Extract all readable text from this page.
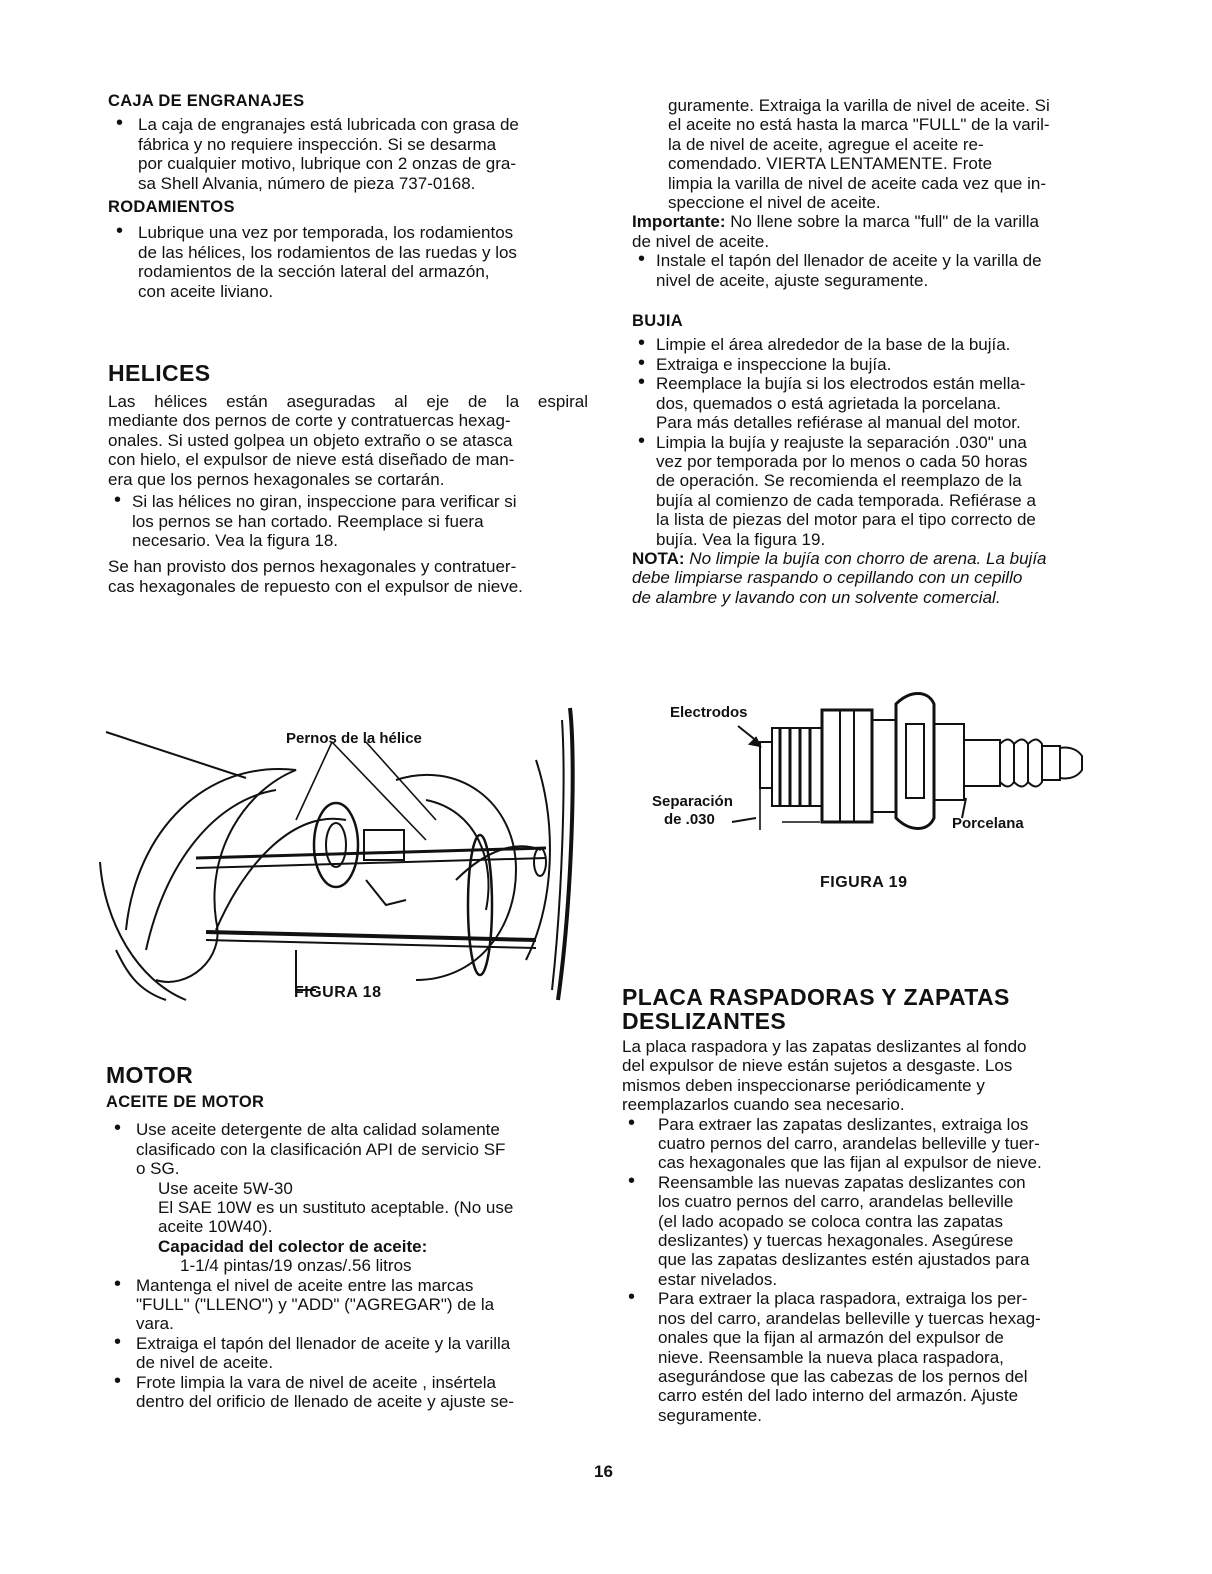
CAJA DE ENGRANAJES
• La caja de engranajes está lubricada con grasa de
fábrica y no requiere inspección. Si se desarma
por cualquier motivo, lubrique con 2 onzas de gra-
sa Shell Alvania, número de pieza 737-0168.
RODAMIENTOS
• Lubrique una vez por temporada, los rodamientos
de las hélices, los rodamientos de las ruedas y los
rodamientos de la sección lateral del armazón,
con aceite liviano.
HELICES

Las hélices están aseguradas al eje de la espiral
mediante dos pernos de corte y contratuercas hexag-
onales. Si usted golpea un objeto extraño o se atasca
con hielo, el expulsor de nieve está diseñado de man-
era que los pernos hexagonales se cortarán.

• Si las hélices no giran, inspeccione para verificar si
los pernos se han cortado. Reemplace si fuera
necesario. Vea la figura 18.

Se han provisto dos pernos hexagonales y contratuer-
cas hexagonales de repuesto con el expulsor de nieve.

Pernos de la hélice
FIGURA 18
MOTOR
ACEITE DE MOTOR
• Use aceite detergente de alta calidad solamente
clasificado con la clasificación API de servicio SF
o SG.
Use aceite 5W-30
El SAE 10W es un sustituto aceptable. (No use
aceite 10W40).
Capacidad del colector de aceite:
1-1/4 pintas/19 onzas/.56 litros
• Mantenga el nivel de aceite entre las marcas
"FULL" ("LLENO") y "ADD" ("AGREGAR") de la
vara.
• Extraiga el tapón del llenador de aceite y la varilla
de nivel de aceite.
• Frote limpia la vara de nivel de aceite , insértela
dentro del orificio de llenado de aceite y ajuste se-
guramente. Extraiga la varilla de nivel de aceite. Si
el aceite no está hasta la marca "FULL" de la varil-
la de nivel de aceite, agregue el aceite re-
comendado. VIERTA LENTAMENTE. Frote
limpia la varilla de nivel de aceite cada vez que in-
speccione el nivel de aceite.

Importante: No llene sobre la marca "full" de la varilla

de nivel de aceite.

• Instale el tapón del llenador de aceite y la varilla de
nivel de aceite, ajuste seguramente.
BUJIA
• Limpie el área alrededor de la base de la bujía.
• Extraiga e inspeccione la bujía.
• Reemplace la bujía si los electrodos están mella-
dos, quemados o está agrietada la porcelana.
Para más detalles refiérase al manual del motor.
• Limpia la bujía y reajuste la separación .030" una
vez por temporada por lo menos o cada 50 horas
de operación. Se recomienda el reemplazo de la
bujía al comienzo de cada temporada. Refiérase a
la lista de piezas del motor para el tipo correcto de
bujía. Vea la figura 19.

NOTA: No limpie la bujía con chorro de arena. La bujía

debe limpiarse raspando o cepillando con un cepillo

de alambre y lavando con un solvente comercial.

Electrodos
Separación
de .030	Porcelana
FIGURA 19
PLACA RASPADORAS Y ZAPATAS
DESLIZANTES

La placa raspadora y las zapatas deslizantes al fondo
del expulsor de nieve están sujetos a desgaste. Los
mismos deben inspeccionarse periódicamente y
reemplazarlos cuando sea necesario.

• Para extraer las zapatas deslizantes, extraiga los
cuatro pernos del carro, arandelas belleville y tuer-
cas hexagonales que las fijan al expulsor de nieve.
• Reensamble las nuevas zapatas deslizantes con
los cuatro pernos del carro, arandelas belleville
(el lado acopado se coloca contra las zapatas
deslizantes) y tuercas hexagonales. Asegúrese
que las zapatas deslizantes estén ajustados para
estar nivelados.
• Para extraer la placa raspadora, extraiga los per-
nos del carro, arandelas belleville y tuercas hexag-
onales que la fijan al armazón del expulsor de
nieve. Reensamble la nueva placa raspadora,
asegurándose que las cabezas de los pernos del
carro estén del lado interno del armazón. Ajuste
seguramente.
16
